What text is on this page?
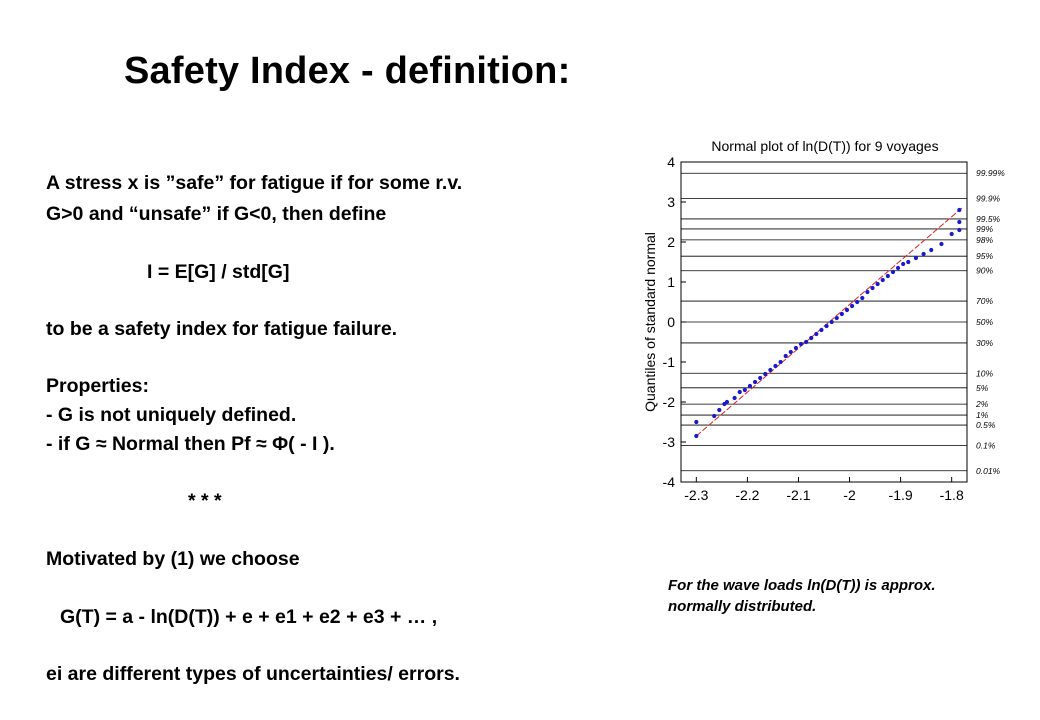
Safety Index - definition:
A stress x is ”safe” for fatigue if for some r.v.
G>0 and “unsafe” if G<0, then define
I = E[G] / std[G]
to be a safety index for fatigue failure.
Properties:
- G is not uniquely defined.
- if G ≈ Normal then Pf ≈ Φ( - I ).
* * *
Motivated by (1) we choose
G(T) = a - ln(D(T)) + e + e1 + e2 + e3 + … ,
ei are different types of uncertainties/ errors.
Normal plot of ln(D(T)) for 9 voyages
Quantiles of standard normal
99.99%
99.9%
99.5%
99%
98%
95%
90%
70%
50%
30%
10%
5%
2%
1%
0.5%
0.1%
0.01%
-4
-3
-2
-1
0
1
2
3
4
-2.3 -2.2 -2.1 -2 -1.9 -1.8
For the wave loads ln(D(T)) is approx.
normally distributed.
